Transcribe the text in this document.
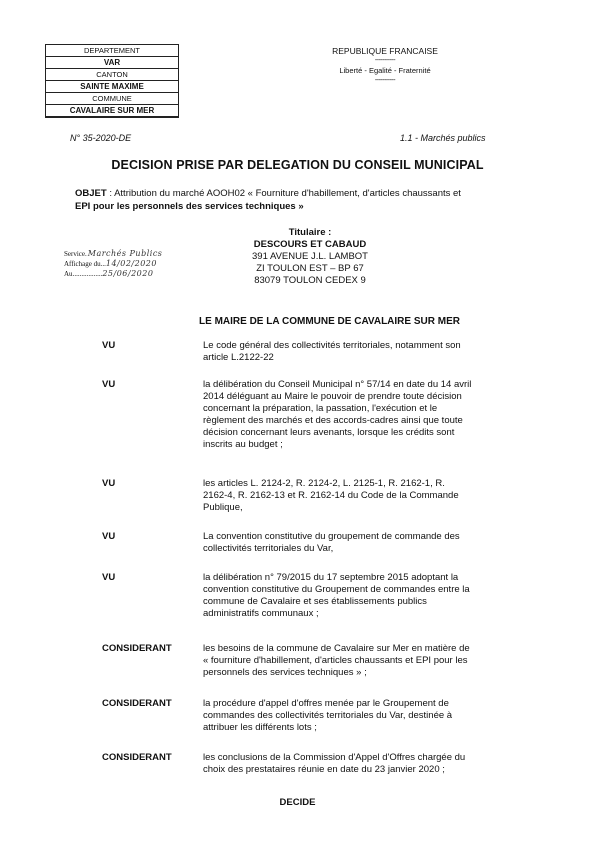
DEPARTEMENT
VAR
CANTON
SAINTE MAXIME
COMMUNE
CAVALAIRE SUR MER
REPUBLIQUE FRANCAISE
-----------
Liberté - Egalité - Fraternité
-----------
N° 35-2020-DE	1.1 - Marchés publics
DECISION PRISE PAR DELEGATION DU CONSEIL MUNICIPAL
OBJET : Attribution du marché AOOH02 « Fourniture d'habillement, d'articles chaussants et
EPI pour les personnels des services techniques »
Titulaire :
DESCOURS ET CABAUD
391 AVENUE J.L. LAMBOT
ZI TOULON EST – BP 67
83079 TOULON CEDEX 9
Service.Marchés Publics
Affichage du...14/02/2020
Au.................25/06/2020
LE MAIRE DE LA COMMUNE DE CAVALAIRE SUR MER
VU	Le code général des collectivités territoriales, notamment son
article L.2122-22
VU	la délibération du Conseil Municipal n° 57/14 en date du 14 avril
2014 déléguant au Maire le pouvoir de prendre toute décision
concernant la préparation, la passation, l'exécution et le
règlement des marchés et des accords-cadres ainsi que toute
décision concernant leurs avenants, lorsque les crédits sont
inscrits au budget ;
VU	les articles L. 2124-2, R. 2124-2, L. 2125-1, R. 2162-1, R.
2162-4, R. 2162-13 et R. 2162-14 du Code de la Commande
Publique,
VU	La convention constitutive du groupement de commande des
collectivités territoriales du Var,
VU	la délibération n° 79/2015 du 17 septembre 2015 adoptant la
convention constitutive du Groupement de commandes entre la
commune de Cavalaire et ses établissements publics
administratifs communaux ;
CONSIDERANT	les besoins de la commune de Cavalaire sur Mer en matière de
« fourniture d'habillement, d'articles chaussants et EPI pour les
personnels des services techniques » ;
CONSIDERANT	la procédure d'appel d'offres menée par le Groupement de
commandes des collectivités territoriales du Var, destinée à
attribuer les différents lots ;
CONSIDERANT	les conclusions de la Commission d'Appel d'Offres chargée du
choix des prestataires réunie en date du 23 janvier 2020 ;
DECIDE
